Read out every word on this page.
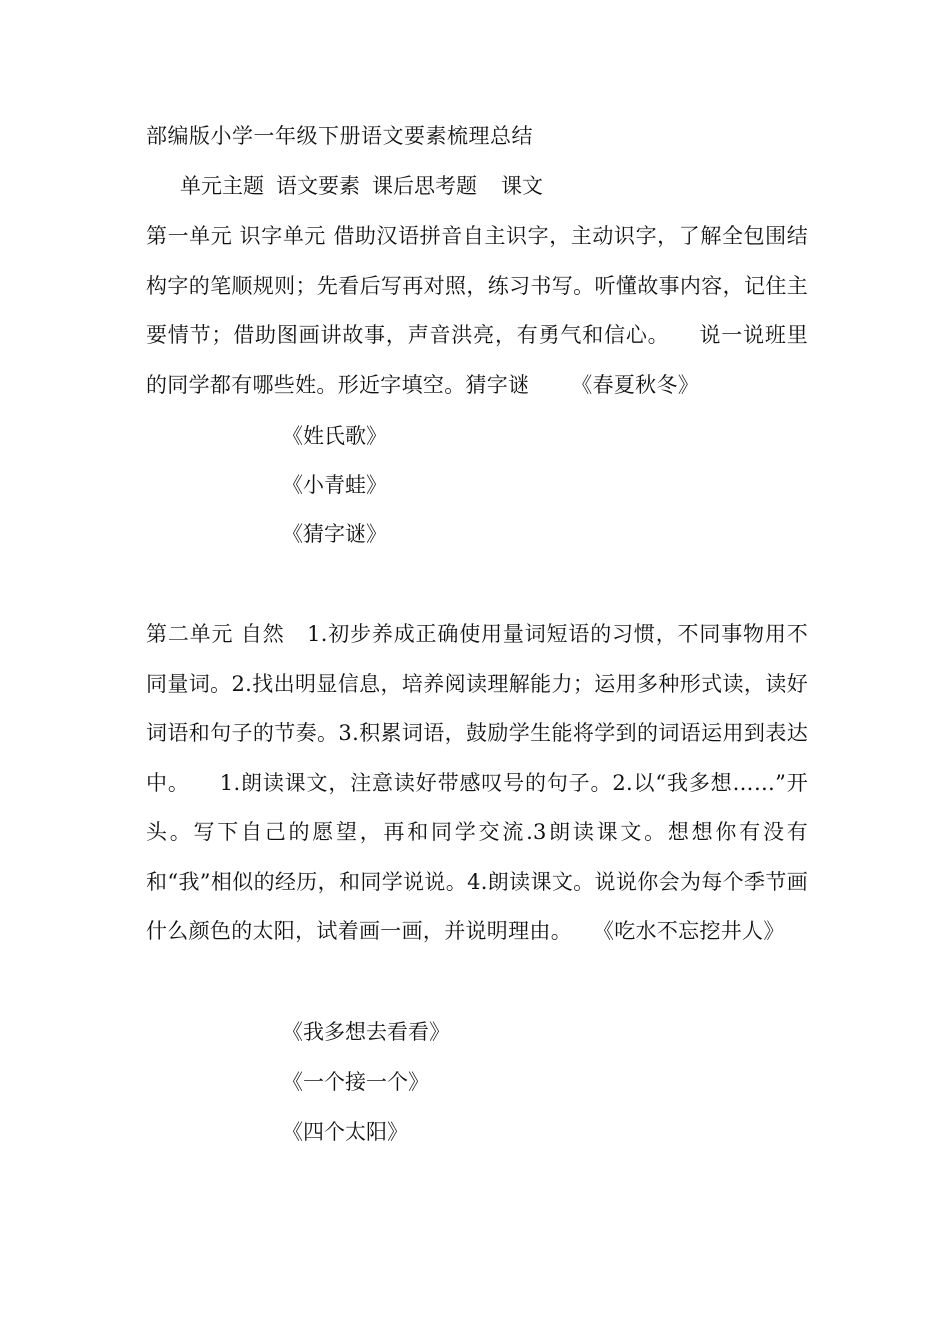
部编版小学一年级下册语文要素梳理总结
单元主题 语文要素 课后思考题 课文
第一单元 识字单元 借助汉语拼音自主识字，主动识字，了解全包围结构字的笔顺规则；先看后写再对照，练习书写。听懂故事内容，记住主要情节；借助图画讲故事，声音洪亮，有勇气和信心。 说一说班里的同学都有哪些姓。形近字填空。猜字谜 《春夏秋冬》
《姓氏歌》
《小青蛙》
《猜字谜》
第二单元 自然 1.初步养成正确使用量词短语的习惯，不同事物用不同量词。2.找出明显信息，培养阅读理解能力；运用多种形式读，读好词语和句子的节奏。3.积累词语，鼓励学生能将学到的词语运用到表达中。 1.朗读课文，注意读好带感叹号的句子。2.以“我多想……”开头。写下自己的愿望，再和同学交流.3朗读课文。想想你有没有和“我”相似的经历，和同学说说。4.朗读课文。说说你会为每个季节画什么颜色的太阳，试着画一画，并说明理由。 《吃水不忘挖井人》
《我多想去看看》
《一个接一个》
《四个太阳》
